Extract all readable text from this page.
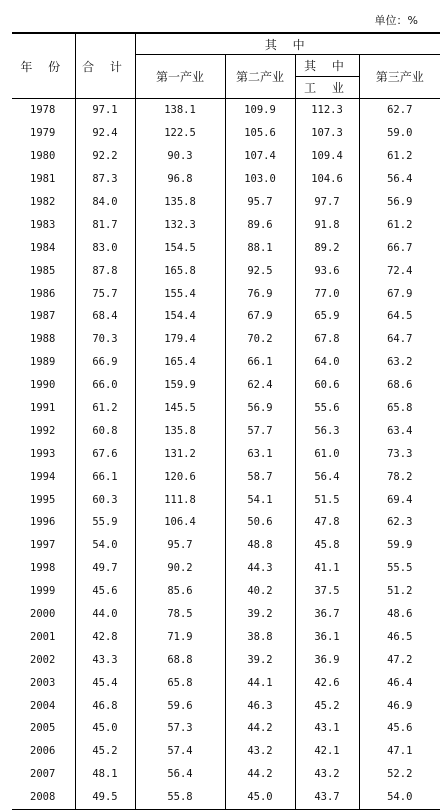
单位：%
年 份	合 计	其 中			
		第一产业	第二产业	其 中	第三产业
				工 业	
1978	97.1	138.1	109.9	112.3	62.7
1979	92.4	122.5	105.6	107.3	59.0
1980	92.2	90.3	107.4	109.4	61.2
1981	87.3	96.8	103.0	104.6	56.4
1982	84.0	135.8	95.7	97.7	56.9
1983	81.7	132.3	89.6	91.8	61.2
1984	83.0	154.5	88.1	89.2	66.7
1985	87.8	165.8	92.5	93.6	72.4
1986	75.7	155.4	76.9	77.0	67.9
1987	68.4	154.4	67.9	65.9	64.5
1988	70.3	179.4	70.2	67.8	64.7
1989	66.9	165.4	66.1	64.0	63.2
1990	66.0	159.9	62.4	60.6	68.6
1991	61.2	145.5	56.9	55.6	65.8
1992	60.8	135.8	57.7	56.3	63.4
1993	67.6	131.2	63.1	61.0	73.3
1994	66.1	120.6	58.7	56.4	78.2
1995	60.3	111.8	54.1	51.5	69.4
1996	55.9	106.4	50.6	47.8	62.3
1997	54.0	95.7	48.8	45.8	59.9
1998	49.7	90.2	44.3	41.1	55.5
1999	45.6	85.6	40.2	37.5	51.2
2000	44.0	78.5	39.2	36.7	48.6
2001	42.8	71.9	38.8	36.1	46.5
2002	43.3	68.8	39.2	36.9	47.2
2003	45.4	65.8	44.1	42.6	46.4
2004	46.8	59.6	46.3	45.2	46.9
2005	45.0	57.3	44.2	43.1	45.6
2006	45.2	57.4	43.2	42.1	47.1
2007	48.1	56.4	44.2	43.2	52.2
2008	49.5	55.8	45.0	43.7	54.0
